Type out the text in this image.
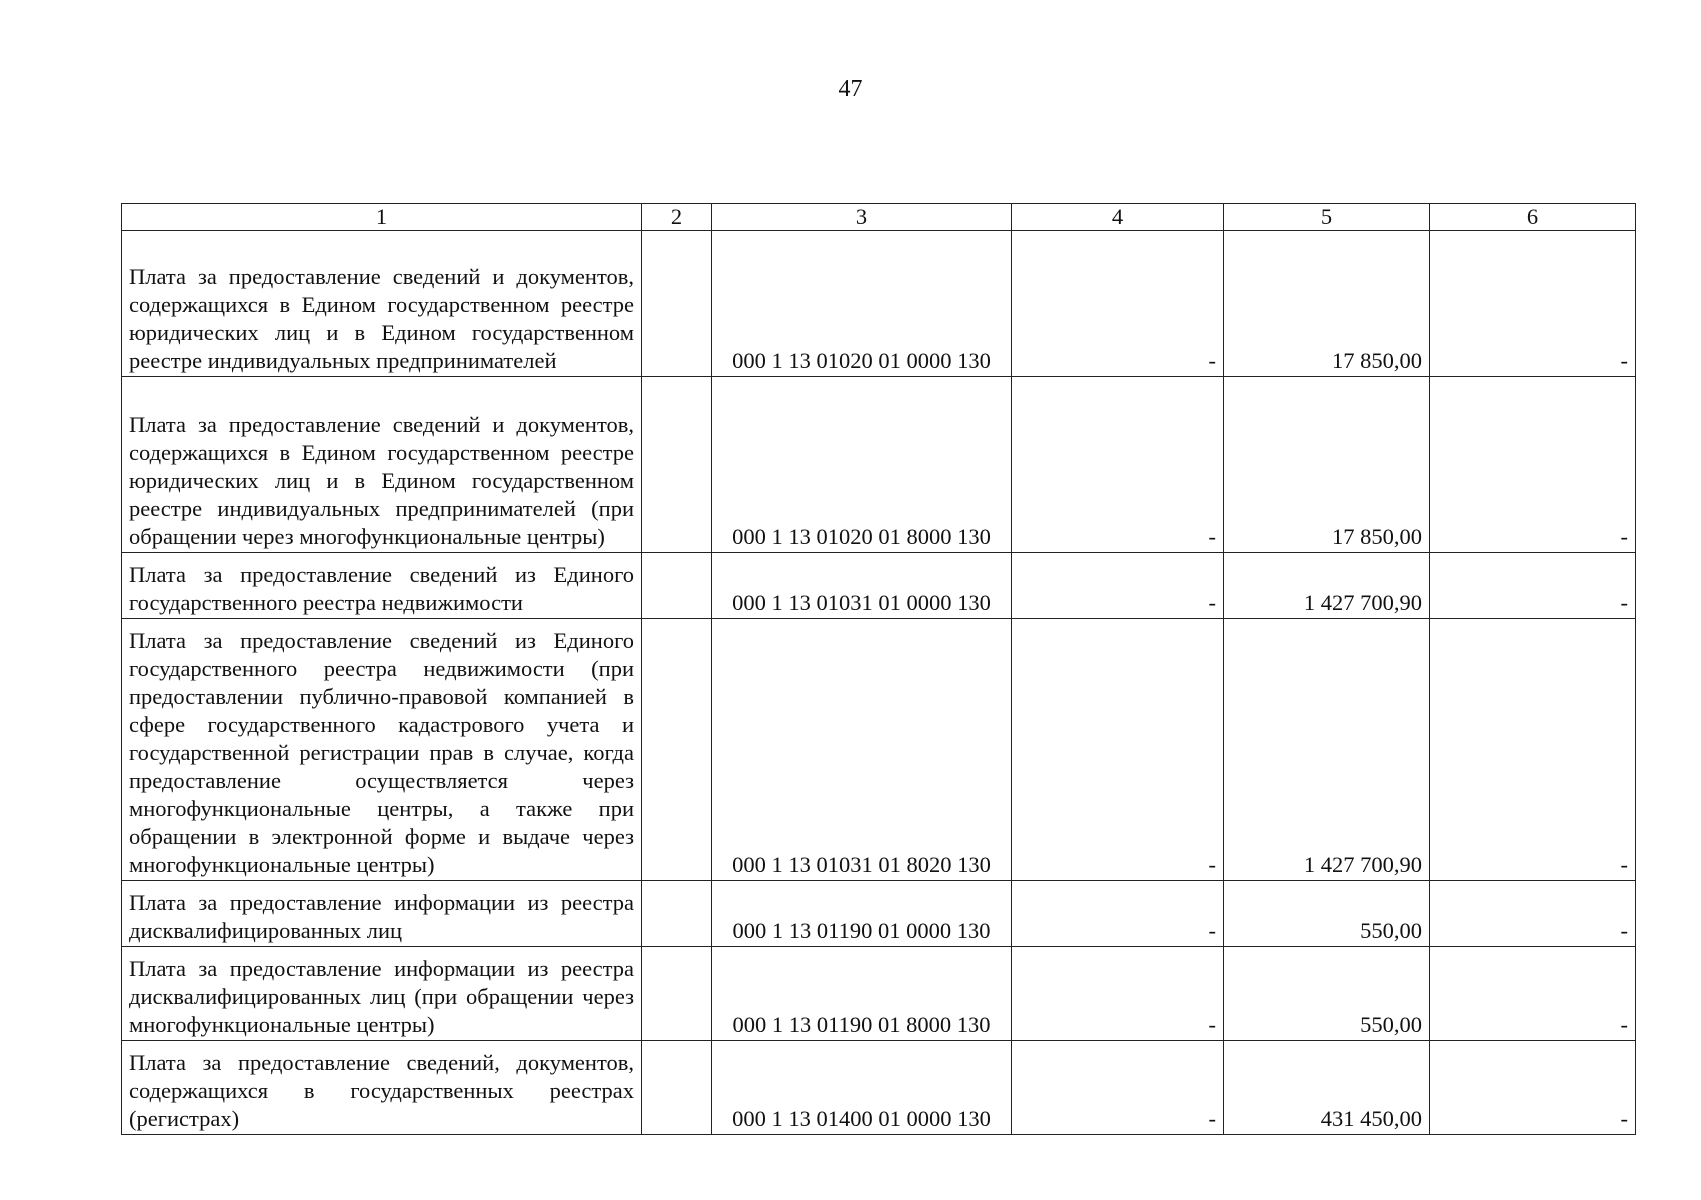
47
1	2	3	4	5	6
Плата за предоставление сведений и документов, содержащихся в Едином государственном реестре юридических лиц и в Едином государственном реестре индивидуальных предпринимателей		000 1 13 01020 01 0000 130	-	17 850,00	-
Плата за предоставление сведений и документов, содержащихся в Едином государственном реестре юридических лиц и в Едином государственном реестре индивидуальных предпринимателей (при обращении через многофункциональные центры)		000 1 13 01020 01 8000 130	-	17 850,00	-
Плата за предоставление сведений из Единого государственного реестра недвижимости		000 1 13 01031 01 0000 130	-	1 427 700,90	-
Плата за предоставление сведений из Единого государственного реестра недвижимости (при предоставлении публично-правовой компанией в сфере государственного кадастрового учета и государственной регистрации прав в случае, когда предоставление осуществляется через многофункциональные центры, а также при обращении в электронной форме и выдаче через многофункциональные центры)		000 1 13 01031 01 8020 130	-	1 427 700,90	-
Плата за предоставление информации из реестра дисквалифицированных лиц		000 1 13 01190 01 0000 130	-	550,00	-
Плата за предоставление информации из реестра дисквалифицированных лиц (при обращении через многофункциональные центры)		000 1 13 01190 01 8000 130	-	550,00	-
Плата за предоставление сведений, документов, содержащихся в государственных реестрах (регистрах)		000 1 13 01400 01 0000 130	-	431 450,00	-
